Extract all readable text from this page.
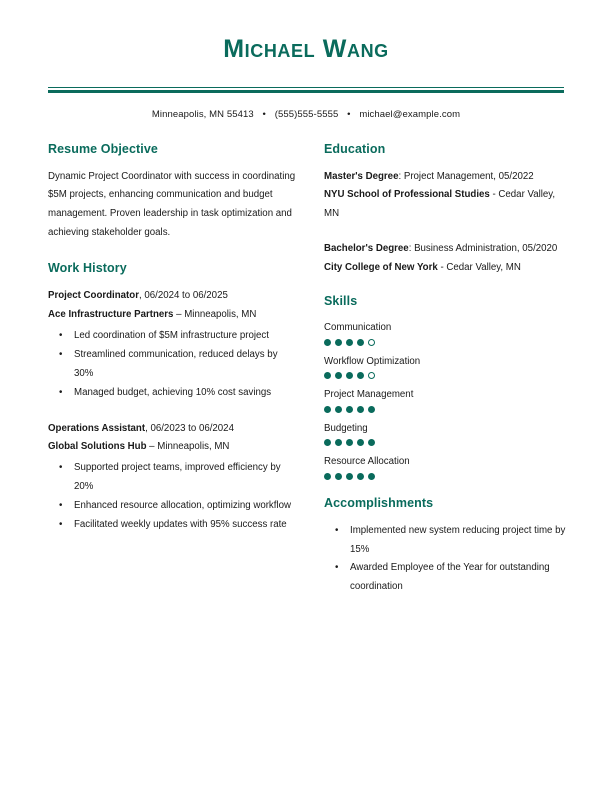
Michael Wang
Minneapolis, MN 55413 • (555)555-5555 • michael@example.com
Resume Objective

Dynamic Project Coordinator with success in coordinating $5M projects, enhancing communication and budget management. Proven leadership in task optimization and achieving stakeholder goals.

Work History
Project Coordinator, 06/2024 to 06/2025
Ace Infrastructure Partners – Minneapolis, MN
• Led coordination of $5M infrastructure project
• Streamlined communication, reduced delays by 30%
• Managed budget, achieving 10% cost savings
Operations Assistant, 06/2023 to 06/2024
Global Solutions Hub – Minneapolis, MN
• Supported project teams, improved efficiency by 20%
• Enhanced resource allocation, optimizing workflow
• Facilitated weekly updates with 95% success rate
Education
Master's Degree: Project Management, 05/2022
NYU School of Professional Studies - Cedar Valley, MN
Bachelor's Degree: Business Administration, 05/2020
City College of New York - Cedar Valley, MN
Skills
Communication
Workflow Optimization
Project Management
Budgeting
Resource Allocation
Accomplishments
• Implemented new system reducing project time by 15%
• Awarded Employee of the Year for outstanding coordination
